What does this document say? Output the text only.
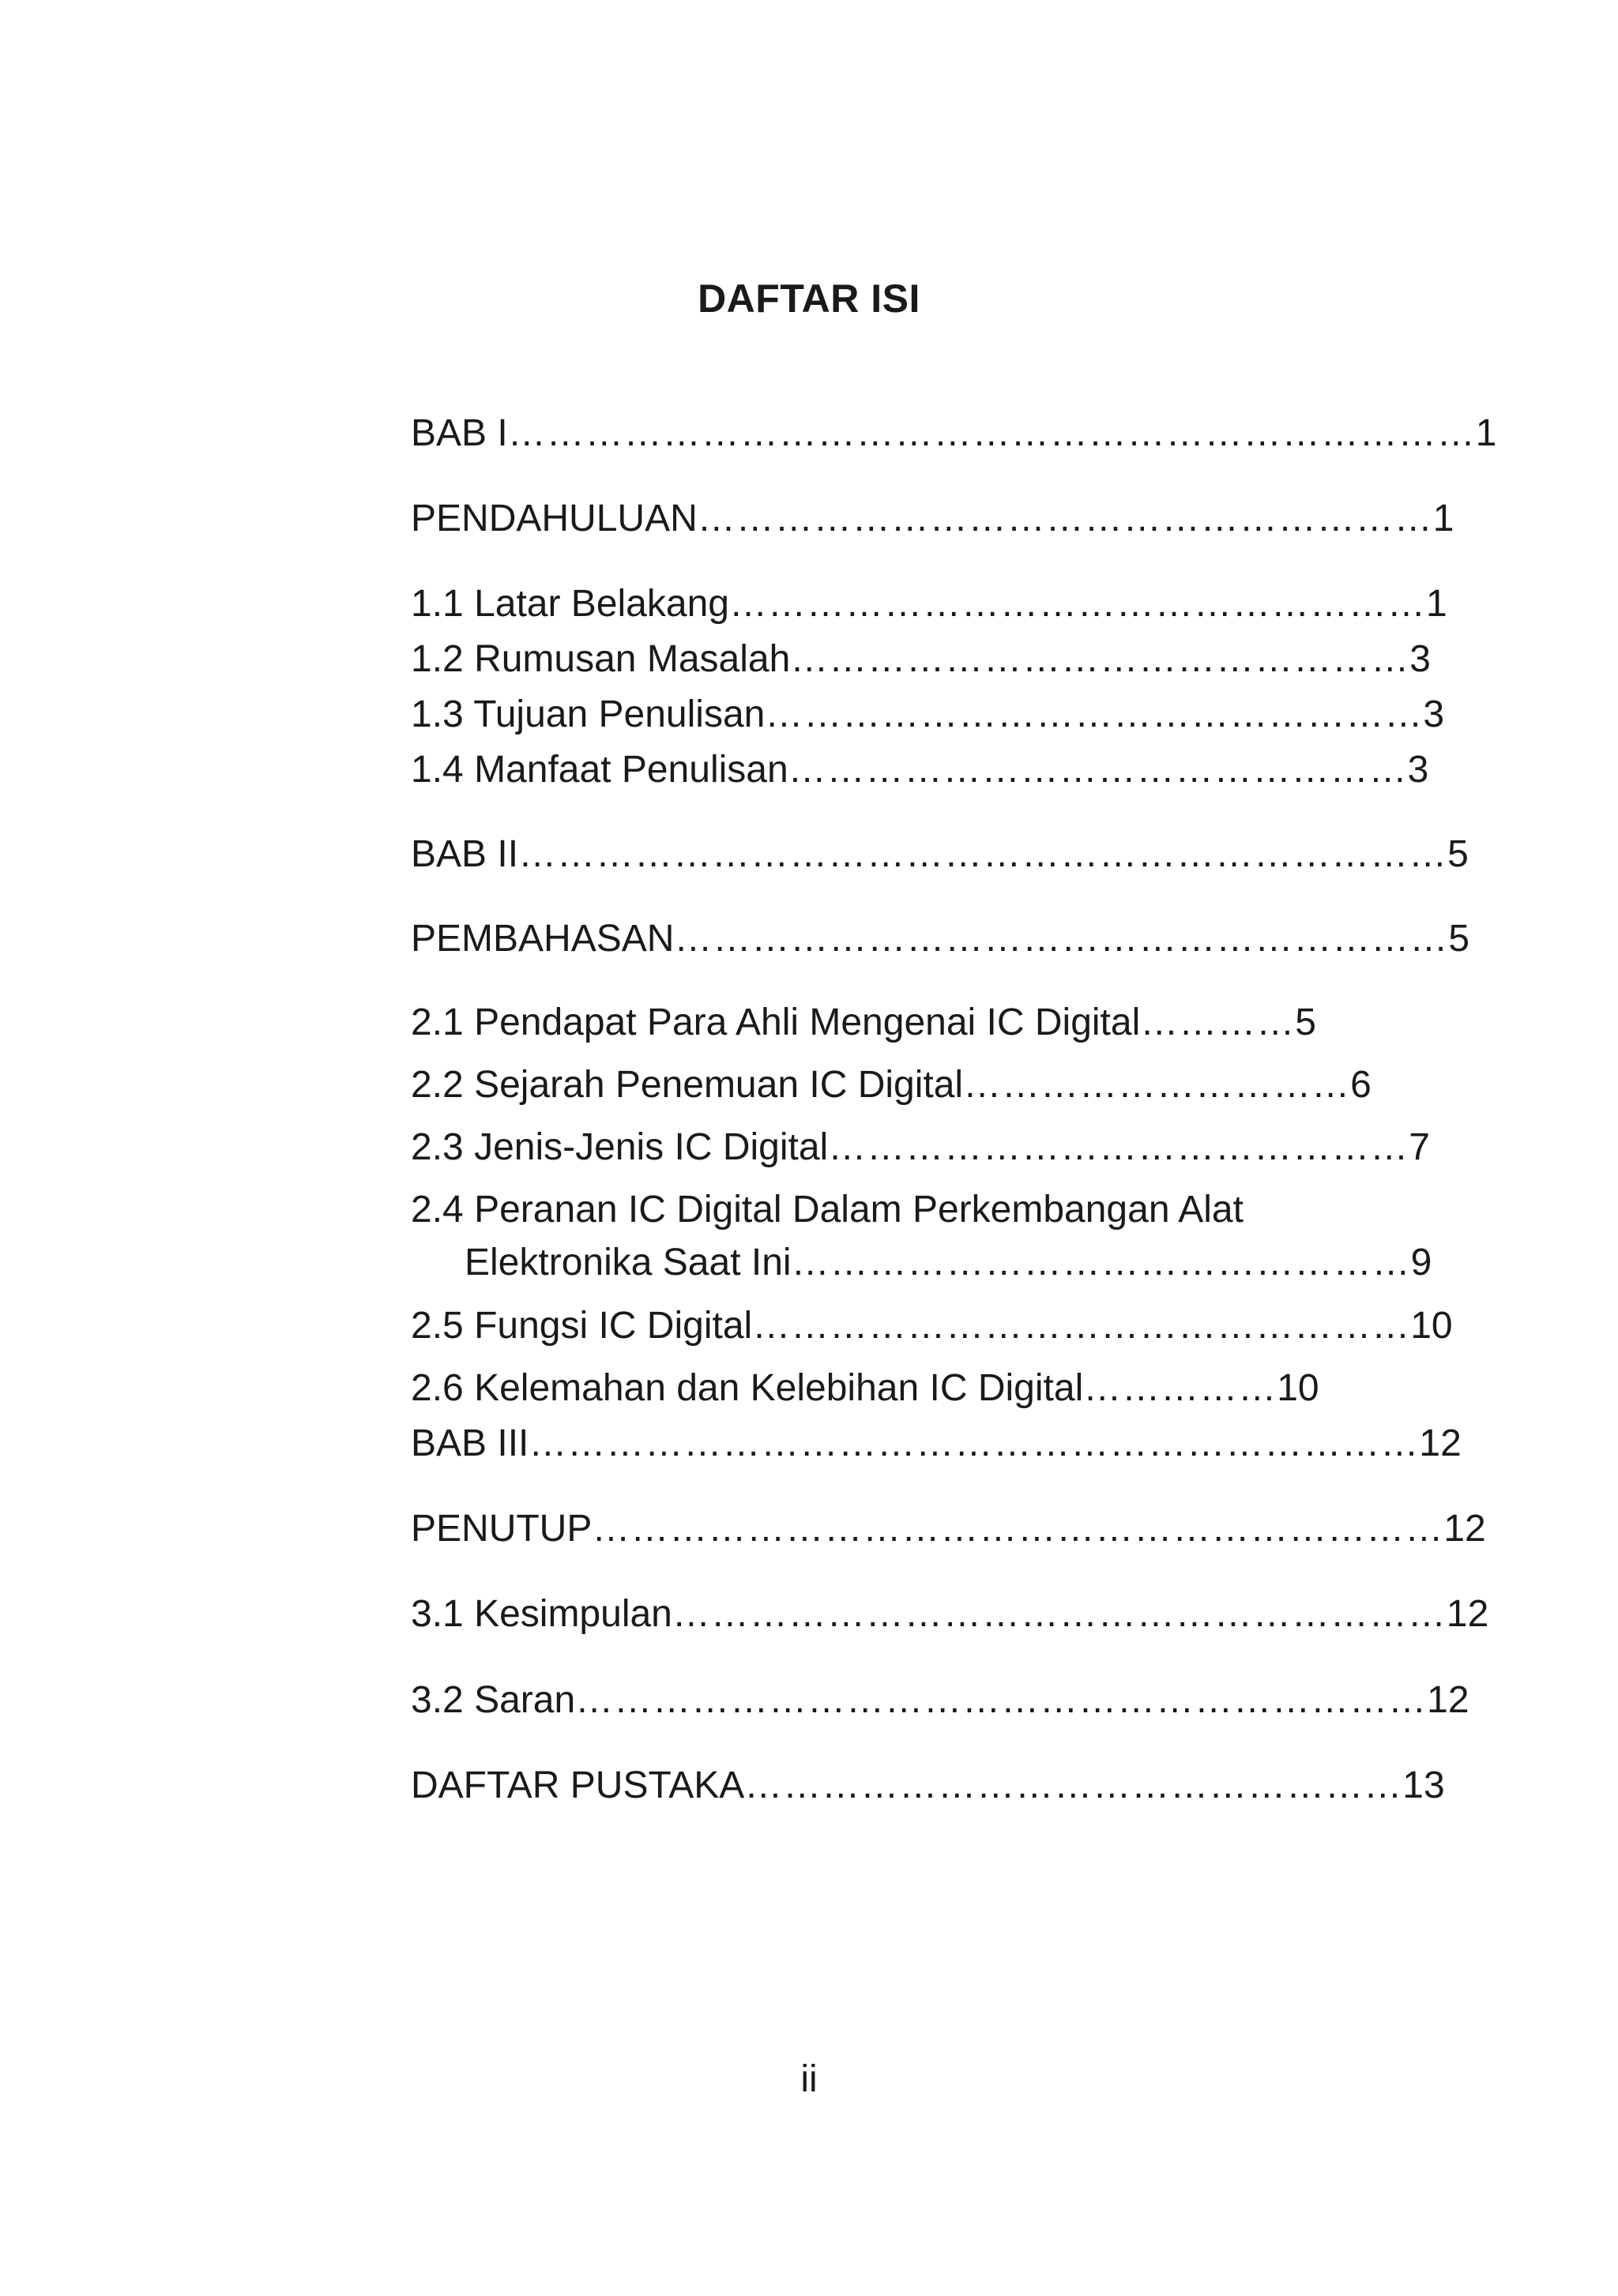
DAFTAR ISI
BAB I…………………………………………………………………1
PENDAHULUAN…………………………………………………1
1.1 Latar Belakang………………………………………………1
1.2 Rumusan Masalah…………………………………………3
1.3 Tujuan Penulisan……………………………………………3
1.4 Manfaat Penulisan…………………………………………3
BAB II………………………………………………………………5
PEMBAHASAN……………………………………………………5
2.1 Pendapat Para Ahli Mengenai IC Digital…………5
2.2 Sejarah Penemuan IC Digital…………………………6
2.3 Jenis-Jenis IC Digital………………………………………7
2.4 Peranan IC Digital Dalam Perkembangan Alat
Elektronika Saat Ini…………………………………………9
2.5 Fungsi IC Digital……………………………………………10
2.6 Kelemahan dan Kelebihan IC Digital……………10
BAB III……………………………………………………………12
PENUTUP…………………………………………………………12
3.1 Kesimpulan……………………………………………………12
3.2 Saran…………………………………………………………12
DAFTAR PUSTAKA……………………………………………13
ii
